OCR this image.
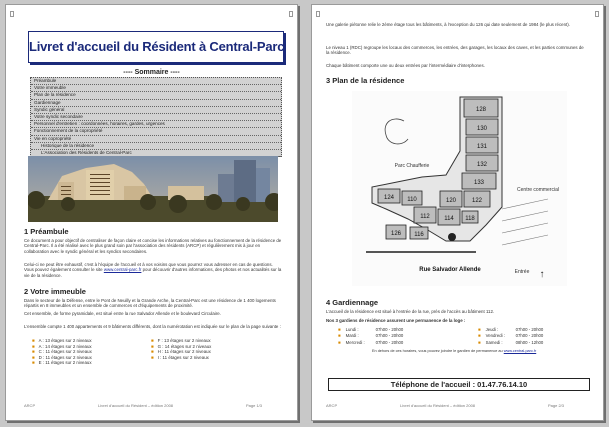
Livret d'accueil du Résident à Central-Parc
---- Sommaire ----
Préambule
Votre immeuble
Plan de la résidence
Gardiennage
Syndic général
Votre syndic secondaire
Personnel d'entretien : coordonnées, horaires, gardes, urgences
Fonctionnement de la copropriété
Vie en copropriété
Historique de la résidence
L'Association des Résidents de Central-Parc
1 Préambule
Ce document a pour objectif de centraliser de façon claire et concise les informations relatives au fonctionnement de la résidence de Central-Parc. Il a été réalisé avec le plus grand soin par l'association des résidents (ARCP) et régulièrement mis à jour en collaboration avec le syndic général et les syndics secondaires.
Celui-ci ne peut être exhaustif, c'est à l'équipe de l'accueil et à vos voisins que vous pourrez vous adresser en cas de questions. Vous pouvez également consulter le site www.central-parc.fr pour découvrir d'autres informations, des photos et nos actualités sur la vie de la résidence.
2 Votre immeuble
Dans le secteur de la Défense, entre le Pont de Neuilly et la Grande Arche, la Central-Parc est une résidence de 1 400 logements répartis en 8 immeubles et un ensemble de commerces et d'équipements de proximité.
Cet ensemble, de forme pyramidale, est situé entre la rue Salvador Allende et le boulevard Circulaire.
L'ensemble compte 1 400 appartements et 9 bâtiments différents, dont la numérotation est indiquée sur le plan de la page suivante :
■ A : 13 étages sur 2 niveaux
■ A : 14 étages sur 2 niveaux
■ C : 11 étages sur 2 niveaux
■ D : 11 étages sur 2 niveaux
■ E : 11 étages sur 2 niveaux
■ F : 13 étages sur 2 niveaux
■ G : 14 étages sur 2 niveaux
■ H : 11 étages sur 2 niveaux
■ I : 11 étages sur 2 niveaux
ARCP	Livret d'accueil du Résident – édition 2008	Page 1/3
Une galerie piétonne relie le 2ème étage tous les bâtiments, à l'exception du 126 qui date seulement de 1984 (le plus récent).
Le niveau 1 (RDC) regroupe les locaux des commerces, les entrées, des garages, les locaux des caves, et les parties communes de la résidence.
Chaque bâtiment comporte une ou deux entrées par l'intermédiaire d'interphones.
3 Plan de la résidence
128
130
131
132
133
120	122
124 110
112 114 118
126 116
Parc Chaufferie
Centre commercial
Rue Salvador Allende	Entrée ↑
4 Gardiennage
L'accueil de la résidence est situé à l'entrée de la rue, près de l'accès au bâtiment 112.
Nos 3 gardiens de résidence assurent une permanence de la loge :
■ Lundi :	07h00 - 20h00
■ Mardi :	07h00 - 20h00
■ Mercredi :	07h00 - 20h00
■ Jeudi :	07h00 - 20h00
■ Vendredi : 07h00 - 20h00
■ Samedi :	08h00 - 12h00
En dehors de ces horaires, vous pouvez joindre le gardien de permanence au www.central-parc.fr
Téléphone de l'accueil : 01.47.76.14.10
ARCP	Livret d'accueil du Résident – édition 2008	Page 2/3
